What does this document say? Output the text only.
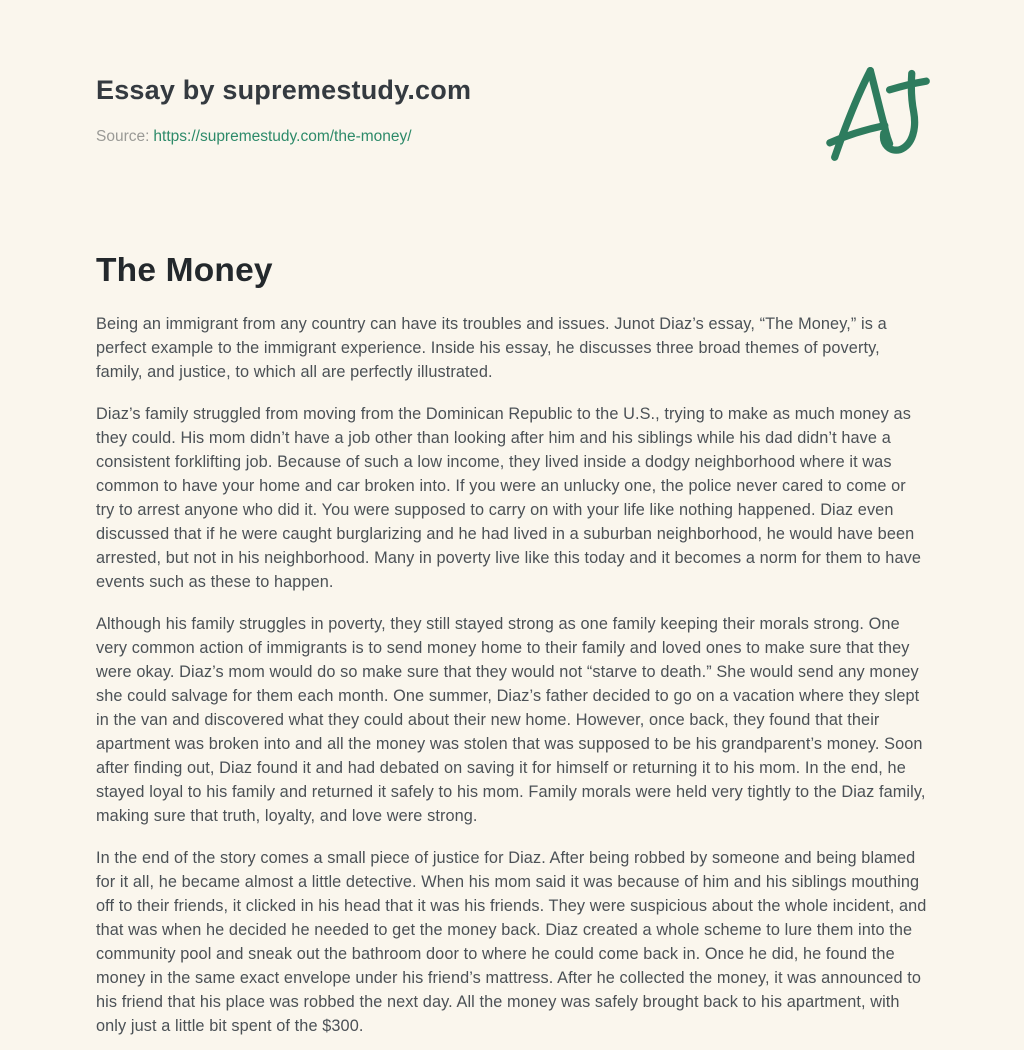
Essay by supremestudy.com
Source: https://supremestudy.com/the-money/
The Money

Being an immigrant from any country can have its troubles and issues. Junot Diaz’s essay, “The Money,” is a perfect example to the immigrant experience. Inside his essay, he discusses three broad themes of poverty, family, and justice, to which all are perfectly illustrated.

Diaz’s family struggled from moving from the Dominican Republic to the U.S., trying to make as much money as they could. His mom didn’t have a job other than looking after him and his siblings while his dad didn’t have a consistent forklifting job. Because of such a low income, they lived inside a dodgy neighborhood where it was common to have your home and car broken into. If you were an unlucky one, the police never cared to come or try to arrest anyone who did it. You were supposed to carry on with your life like nothing happened. Diaz even discussed that if he were caught burglarizing and he had lived in a suburban neighborhood, he would have been arrested, but not in his neighborhood. Many in poverty live like this today and it becomes a norm for them to have events such as these to happen.

Although his family struggles in poverty, they still stayed strong as one family keeping their morals strong. One very common action of immigrants is to send money home to their family and loved ones to make sure that they were okay. Diaz’s mom would do so make sure that they would not “starve to death.” She would send any money she could salvage for them each month. One summer, Diaz’s father decided to go on a vacation where they slept in the van and discovered what they could about their new home. However, once back, they found that their apartment was broken into and all the money was stolen that was supposed to be his grandparent’s money. Soon after finding out, Diaz found it and had debated on saving it for himself or returning it to his mom. In the end, he stayed loyal to his family and returned it safely to his mom. Family morals were held very tightly to the Diaz family, making sure that truth, loyalty, and love were strong.

In the end of the story comes a small piece of justice for Diaz. After being robbed by someone and being blamed for it all, he became almost a little detective. When his mom said it was because of him and his siblings mouthing off to their friends, it clicked in his head that it was his friends. They were suspicious about the whole incident, and that was when he decided he needed to get the money back. Diaz created a whole scheme to lure them into the community pool and sneak out the bathroom door to where he could come back in. Once he did, he found the money in the same exact envelope under his friend’s mattress. After he collected the money, it was announced to his friend that his place was robbed the next day. All the money was safely brought back to his apartment, with only just a little bit spent of the $300.
